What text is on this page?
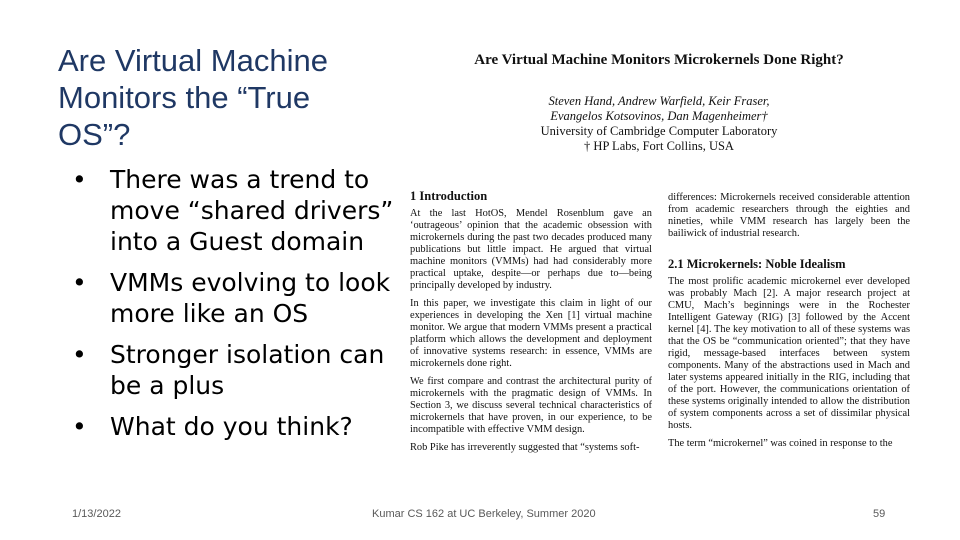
Are Virtual Machine Monitors the “True OS”?
• There was a trend to move “shared drivers” into a Guest domain
• VMMs evolving to look more like an OS
• Stronger isolation can be a plus
• What do you think?
Are Virtual Machine Monitors Microkernels Done Right?
Steven Hand, Andrew Warfield, Keir Fraser,
Evangelos Kotsovinos, Dan Magenheimer†
University of Cambridge Computer Laboratory
† HP Labs, Fort Collins, USA
1 Introduction

At the last HotOS, Mendel Rosenblum gave an ‘outrageous’ opinion that the academic obsession with microkernels during the past two decades produced many publications but little impact. He argued that virtual machine monitors (VMMs) had had considerably more practical uptake, despite—or perhaps due to—being principally developed by industry.

In this paper, we investigate this claim in light of our experiences in developing the Xen [1] virtual machine monitor. We argue that modern VMMs present a practical platform which allows the development and deployment of innovative systems research: in essence, VMMs are microkernels done right.

We first compare and contrast the architectural purity of microkernels with the pragmatic design of VMMs. In Section 3, we discuss several technical characteristics of microkernels that have proven, in our experience, to be incompatible with effective VMM design.

Rob Pike has irreverently suggested that “systems soft-

differences: Microkernels received considerable attention from academic researchers through the eighties and nineties, while VMM research has largely been the bailiwick of industrial research.

2.1 Microkernels: Noble Idealism

The most prolific academic microkernel ever developed was probably Mach [2]. A major research project at CMU, Mach’s beginnings were in the Rochester Intelligent Gateway (RIG) [3] followed by the Accent kernel [4]. The key motivation to all of these systems was that the OS be “communication oriented”; that they have rigid, message-based interfaces between system components. Many of the abstractions used in Mach and later systems appeared initially in the RIG, including that of the port. However, the communications orientation of these systems originally intended to allow the distribution of system components across a set of dissimilar physical hosts.

The term “microkernel” was coined in response to the

1/13/2022	Kumar CS 162 at UC Berkeley, Summer 2020	59
